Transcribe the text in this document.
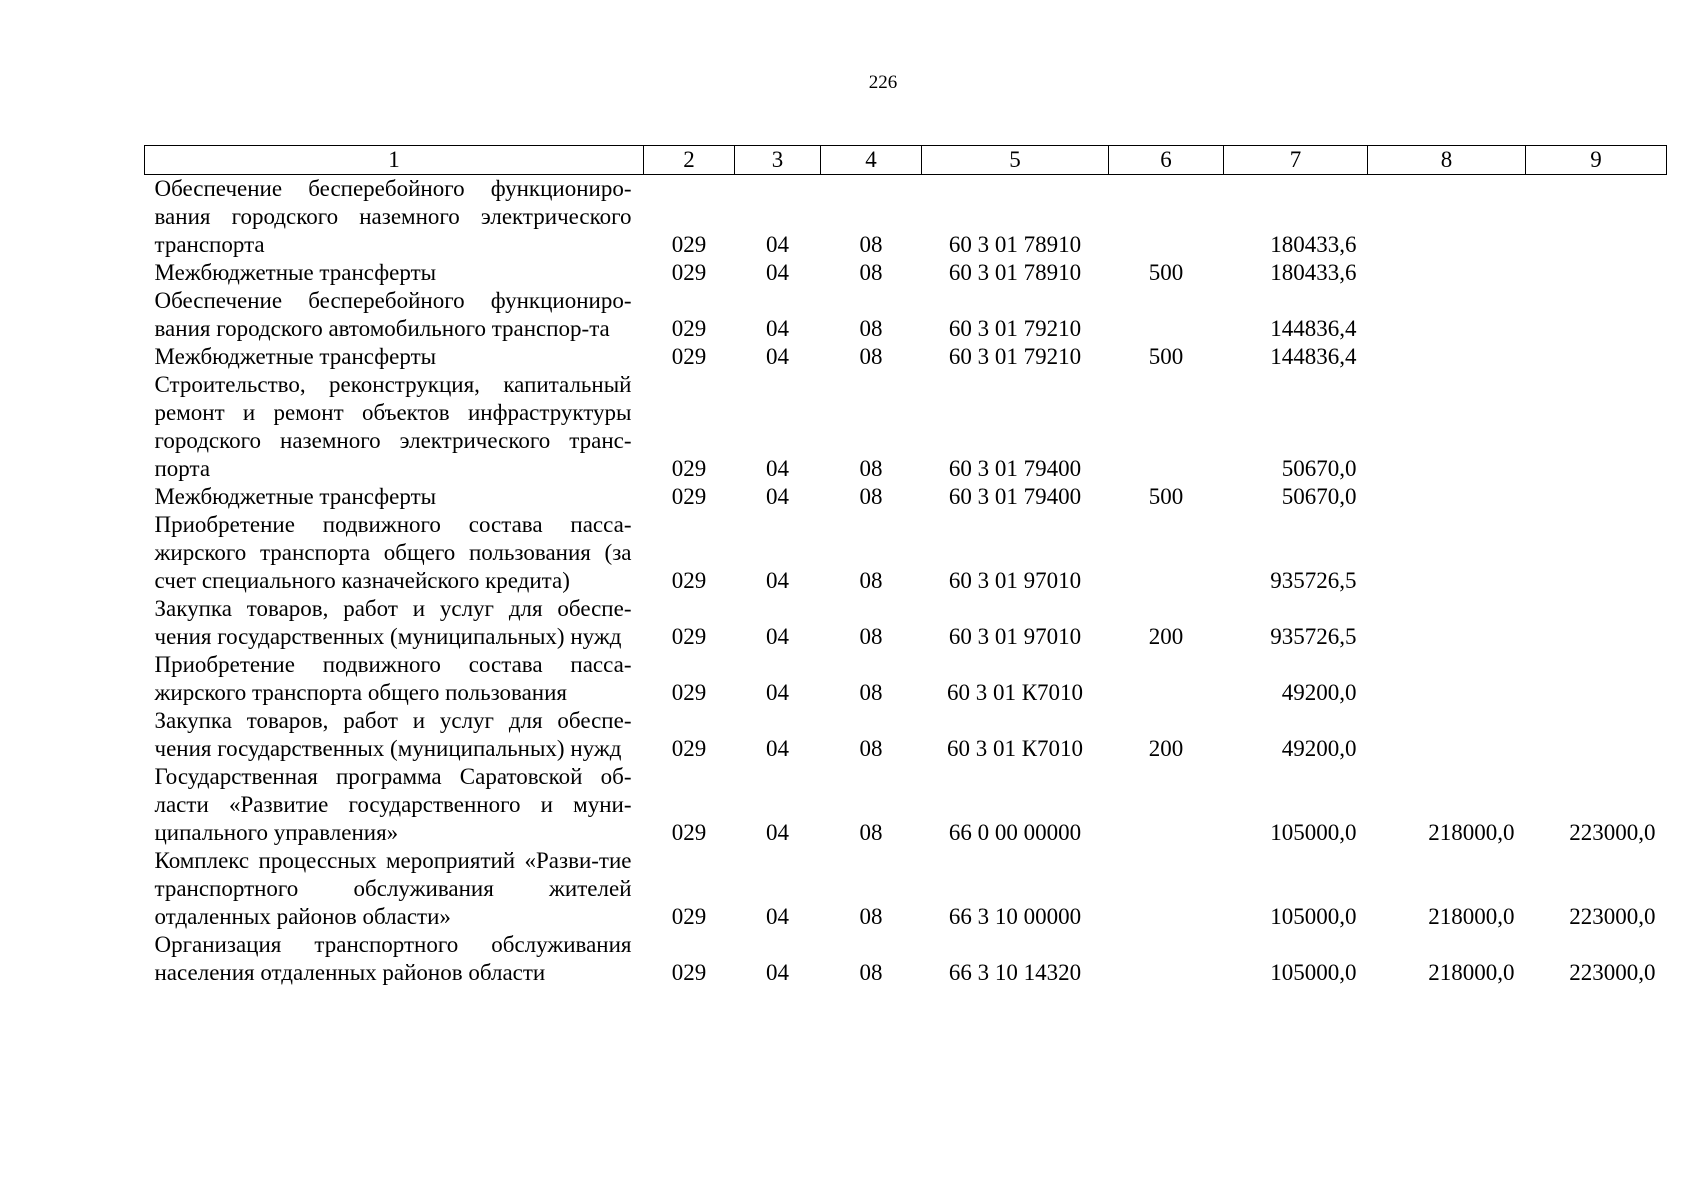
226
1	2	3	4	5	6	7	8	9
Обеспечение бесперебойного функциониро-вания городского наземного электрического транспорта	029	04	08	60 3 01 78910		180433,6		
Межбюджетные трансферты	029	04	08	60 3 01 78910	500	180433,6		
Обеспечение бесперебойного функциониро-вания городского автомобильного транспор-та	029	04	08	60 3 01 79210		144836,4		
Межбюджетные трансферты	029	04	08	60 3 01 79210	500	144836,4		
Строительство, реконструкция, капитальный ремонт и ремонт объектов инфраструктуры городского наземного электрического транс-порта	029	04	08	60 3 01 79400		50670,0		
Межбюджетные трансферты	029	04	08	60 3 01 79400	500	50670,0		
Приобретение подвижного состава пасса-жирского транспорта общего пользования (за счет специального казначейского кредита)	029	04	08	60 3 01 97010		935726,5		
Закупка товаров, работ и услуг для обеспе-чения государственных (муниципальных) нужд	029	04	08	60 3 01 97010	200	935726,5		
Приобретение подвижного состава пасса-жирского транспорта общего пользования	029	04	08	60 3 01 К7010		49200,0		
Закупка товаров, работ и услуг для обеспе-чения государственных (муниципальных) нужд	029	04	08	60 3 01 К7010	200	49200,0		
Государственная программа Саратовской об-ласти «Развитие государственного и муни-ципального управления»	029	04	08	66 0 00 00000		105000,0	218000,0	223000,0
Комплекс процессных мероприятий «Разви-тие транспортного обслуживания жителей отдаленных районов области»	029	04	08	66 3 10 00000		105000,0	218000,0	223000,0
Организация транспортного обслуживания населения отдаленных районов области	029	04	08	66 3 10 14320		105000,0	218000,0	223000,0
